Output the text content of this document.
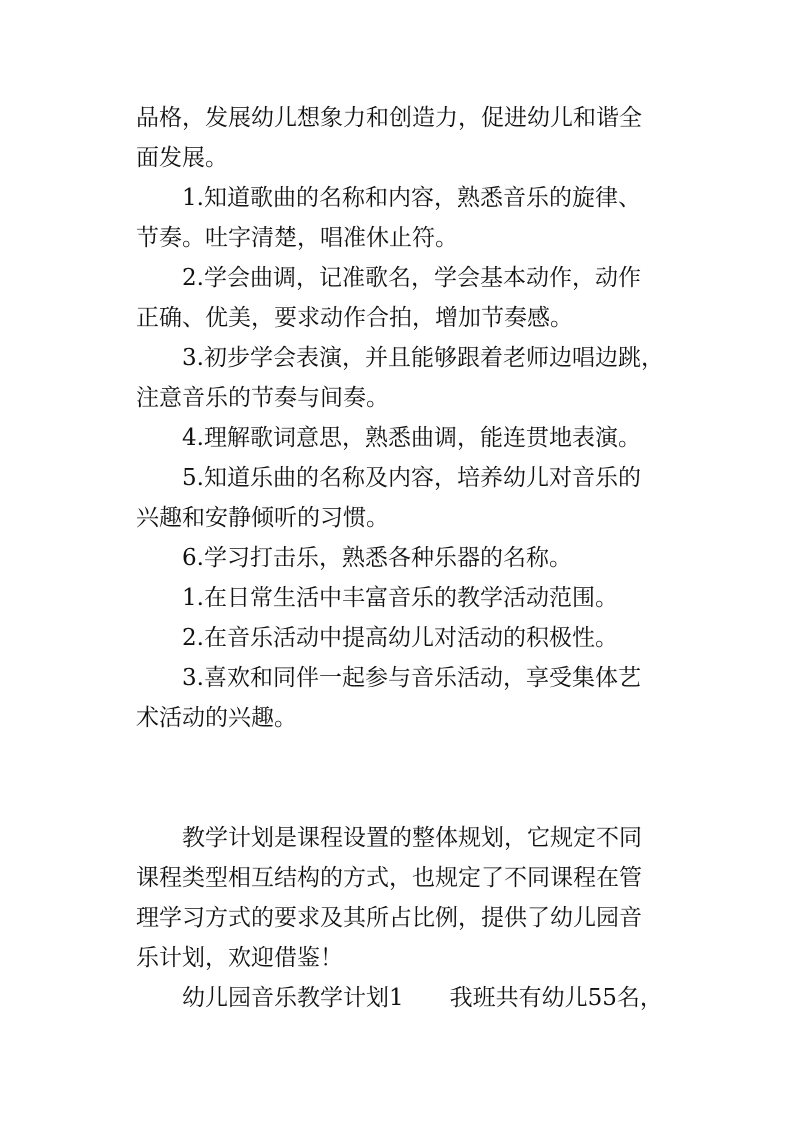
品格，发展幼儿想象力和创造力，促进幼儿和谐全
面发展。
1.知道歌曲的名称和内容，熟悉音乐的旋律、
节奏。吐字清楚，唱准休止符。
2.学会曲调，记准歌名，学会基本动作，动作
正确、优美，要求动作合拍，增加节奏感。
3.初步学会表演，并且能够跟着老师边唱边跳，
注意音乐的节奏与间奏。
4.理解歌词意思，熟悉曲调，能连贯地表演。
5.知道乐曲的名称及内容，培养幼儿对音乐的
兴趣和安静倾听的习惯。
6.学习打击乐，熟悉各种乐器的名称。
1.在日常生活中丰富音乐的教学活动范围。
2.在音乐活动中提高幼儿对活动的积极性。
3.喜欢和同伴一起参与音乐活动，享受集体艺
术活动的兴趣。
教学计划是课程设置的整体规划，它规定不同
课程类型相互结构的方式，也规定了不同课程在管
理学习方式的要求及其所占比例，提供了幼儿园音
乐计划，欢迎借鉴！
幼儿园音乐教学计划1　　我班共有幼儿55名，
